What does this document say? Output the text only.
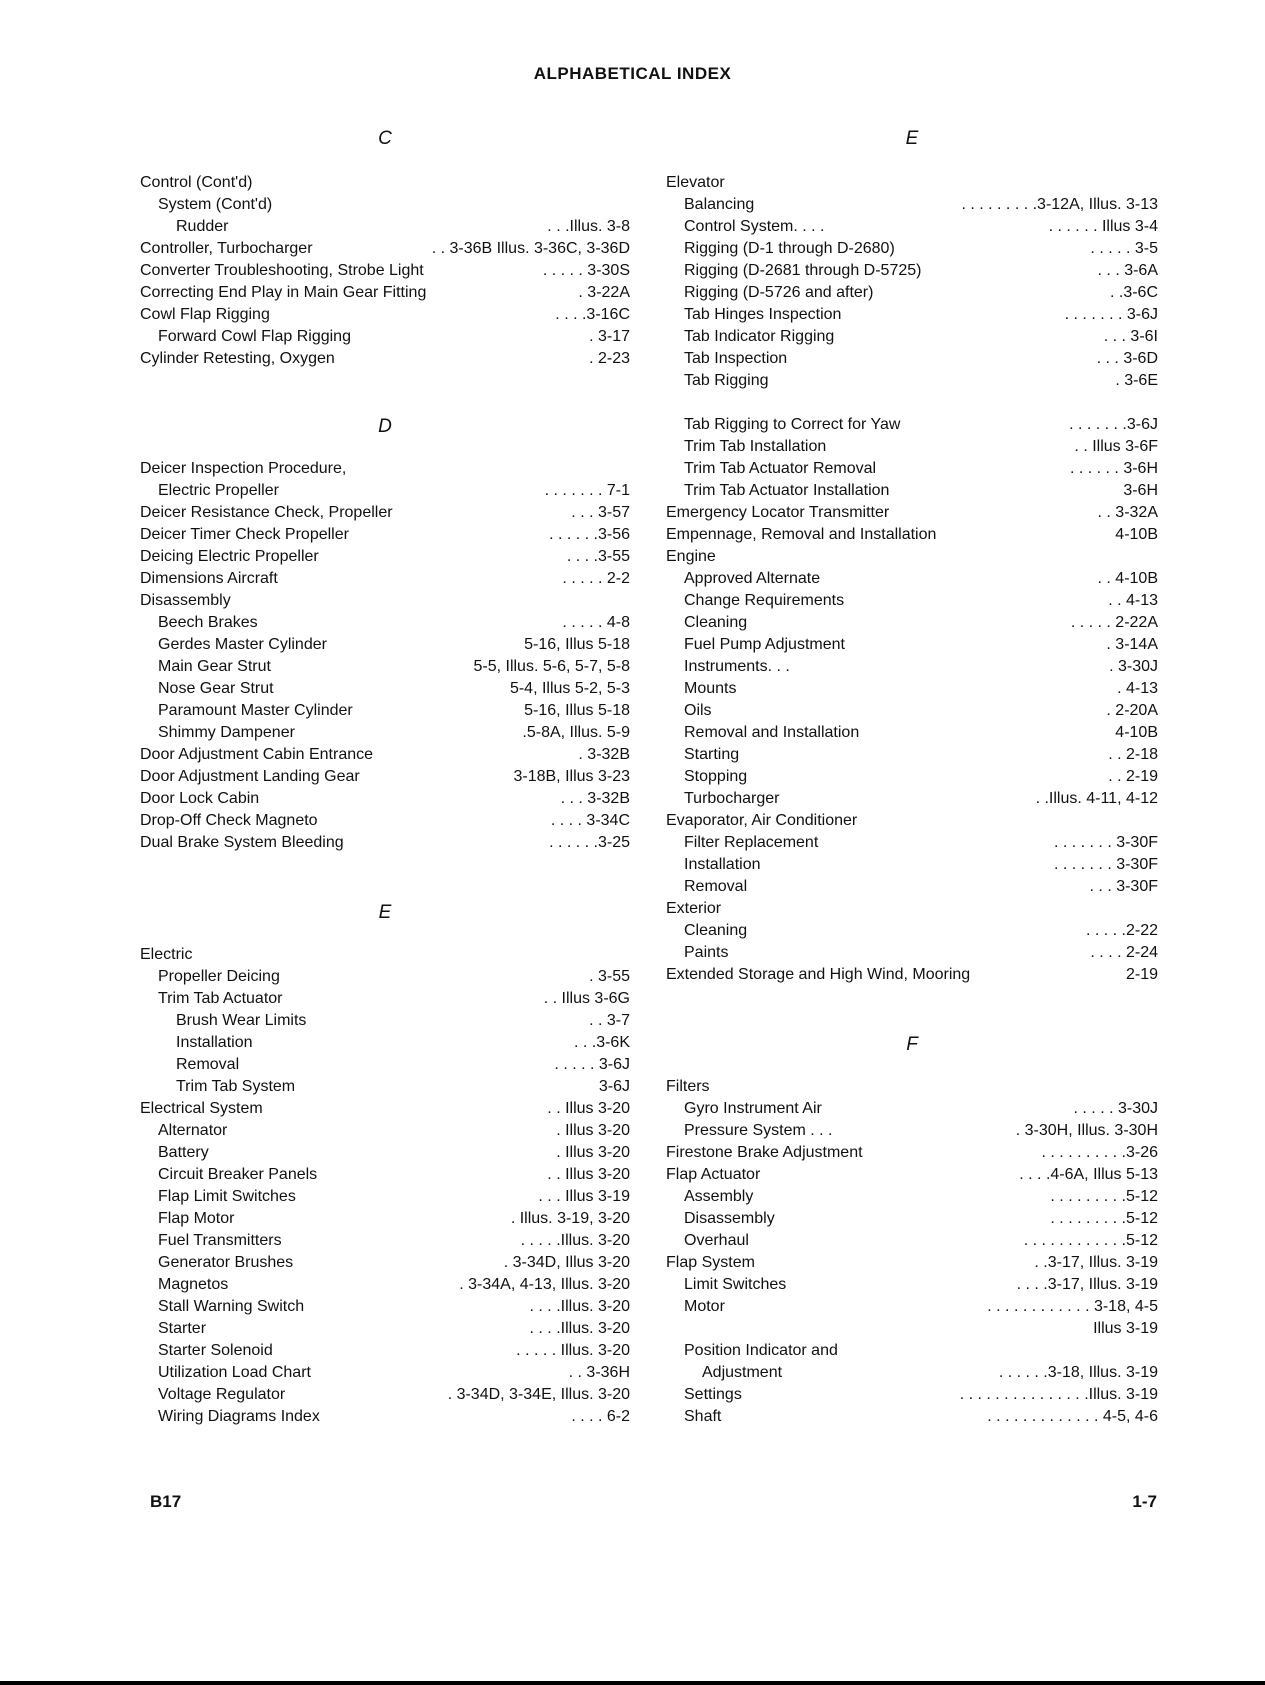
ALPHABETICAL INDEX
C
Control (Cont'd)
System (Cont'd)
Rudder	. . .Illus. 3-8
Controller, Turbocharger	. . 3-36B Illus. 3-36C, 3-36D
Converter Troubleshooting, Strobe Light	. . . . . 3-30S
Correcting End Play in Main Gear Fitting	. 3-22A
Cowl Flap Rigging	. . . .3-16C
Forward Cowl Flap Rigging	. 3-17
Cylinder Retesting, Oxygen	. 2-23
D
Deicer Inspection Procedure,
Electric Propeller	. . . . . . . 7-1
Deicer Resistance Check, Propeller	. . . 3-57
Deicer Timer Check Propeller	. . . . . .3-56
Deicing Electric Propeller	. . . .3-55
Dimensions Aircraft	. . . . . 2-2
Disassembly
Beech Brakes	. . . . . 4-8
Gerdes Master Cylinder	5-16, Illus 5-18
Main Gear Strut	5-5, Illus. 5-6, 5-7, 5-8
Nose Gear Strut	5-4, Illus 5-2, 5-3
Paramount Master Cylinder	5-16, Illus 5-18
Shimmy Dampener	.5-8A, Illus. 5-9
Door Adjustment Cabin Entrance	. 3-32B
Door Adjustment Landing Gear	3-18B, Illus 3-23
Door Lock Cabin	. . . 3-32B
Drop-Off Check Magneto	. . . . 3-34C
Dual Brake System Bleeding	. . . . . .3-25
E
Electric
Propeller Deicing	. 3-55
Trim Tab Actuator	. . Illus 3-6G
Brush Wear Limits	. . 3-7
Installation	. . .3-6K
Removal	. . . . . 3-6J
Trim Tab System	3-6J
Electrical System	. . Illus 3-20
Alternator	. Illus 3-20
Battery	. Illus 3-20
Circuit Breaker Panels	. . Illus 3-20
Flap Limit Switches	. . . Illus 3-19
Flap Motor	. Illus. 3-19, 3-20
Fuel Transmitters	. . . . .Illus. 3-20
Generator Brushes	. 3-34D, Illus 3-20
Magnetos	. 3-34A, 4-13, Illus. 3-20
Stall Warning Switch	. . . .Illus. 3-20
Starter	. . . .Illus. 3-20
Starter Solenoid	. . . . . Illus. 3-20
Utilization Load Chart	. . 3-36H
Voltage Regulator	. 3-34D, 3-34E, Illus. 3-20
Wiring Diagrams Index	. . . . 6-2
E
Elevator
Balancing	. . . . . . . . .3-12A, Illus. 3-13
Control System. . . .	. . . . . . Illus 3-4
Rigging (D-1 through D-2680)	. . . . . 3-5
Rigging (D-2681 through D-5725)	. . . 3-6A
Rigging (D-5726 and after)	. .3-6C
Tab Hinges Inspection	. . . . . . . 3-6J
Tab Indicator Rigging	. . . 3-6I
Tab Inspection	. . . 3-6D
Tab Rigging	. 3-6E
Tab Rigging to Correct for Yaw	. . . . . . .3-6J
Trim Tab Installation	. . Illus 3-6F
Trim Tab Actuator Removal	. . . . . . 3-6H
Trim Tab Actuator Installation	3-6H
Emergency Locator Transmitter	. . 3-32A
Empennage, Removal and Installation	4-10B
Engine
Approved Alternate	. . 4-10B
Change Requirements	. . 4-13
Cleaning	. . . . . 2-22A
Fuel Pump Adjustment	. 3-14A
Instruments. . .	. 3-30J
Mounts	. 4-13
Oils	. 2-20A
Removal and Installation	4-10B
Starting	. . 2-18
Stopping	. . 2-19
Turbocharger	. .Illus. 4-11, 4-12
Evaporator, Air Conditioner
Filter Replacement	. . . . . . . 3-30F
Installation	. . . . . . . 3-30F
Removal	. . . 3-30F
Exterior
Cleaning	. . . . .2-22
Paints	. . . . 2-24
Extended Storage and High Wind, Mooring	2-19
F
Filters
Gyro Instrument Air	. . . . . 3-30J
Pressure System . . .	. 3-30H, Illus. 3-30H
Firestone Brake Adjustment	. . . . . . . . . .3-26
Flap Actuator	. . . .4-6A, Illus 5-13
Assembly	. . . . . . . . .5-12
Disassembly	. . . . . . . . .5-12
Overhaul	. . . . . . . . . . . .5-12
Flap System	. .3-17, Illus. 3-19
Limit Switches	. . . .3-17, Illus. 3-19
Motor	. . . . . . . . . . . . 3-18, 4-5
Illus 3-19
Position Indicator and
Adjustment	. . . . . .3-18, Illus. 3-19
Settings	. . . . . . . . . . . . . . .Illus. 3-19
Shaft	. . . . . . . . . . . . . 4-5, 4-6
B17	1-7
